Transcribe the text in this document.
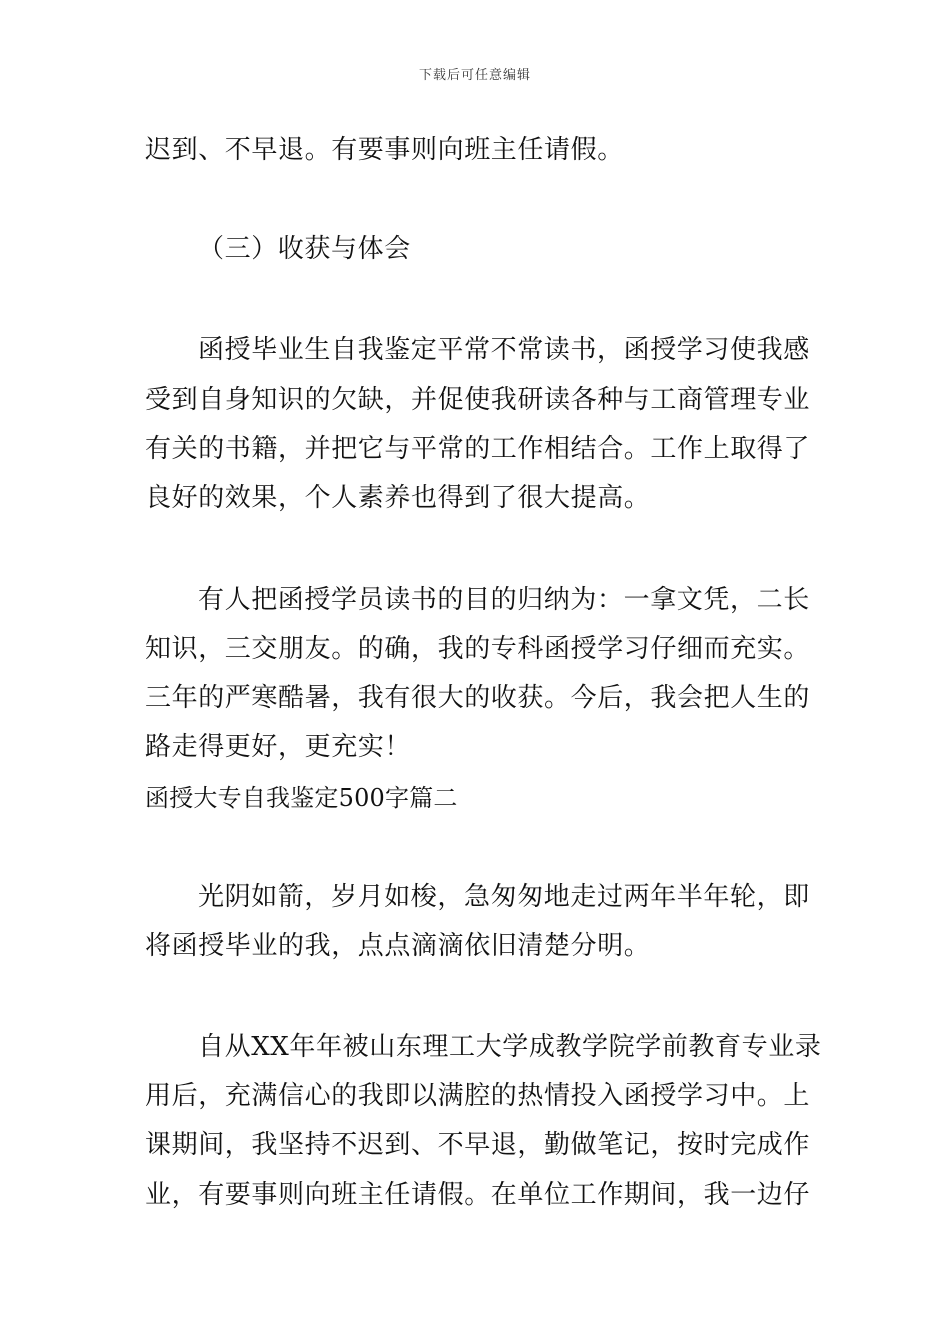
下载后可任意编辑
迟到、不早退。有要事则向班主任请假。
（三）收获与体会
函授毕业生自我鉴定平常不常读书，函授学习使我感
受到自身知识的欠缺，并促使我研读各种与工商管理专业
有关的书籍，并把它与平常的工作相结合。工作上取得了
良好的效果，个人素养也得到了很大提高。
有人把函授学员读书的目的归纳为：一拿文凭，二长
知识，三交朋友。的确，我的专科函授学习仔细而充实。
三年的严寒酷暑，我有很大的收获。今后，我会把人生的
路走得更好，更充实！
函授大专自我鉴定500字篇二
光阴如箭，岁月如梭，急匆匆地走过两年半年轮，即
将函授毕业的我，点点滴滴依旧清楚分明。
自从XX年年被山东理工大学成教学院学前教育专业录
用后，充满信心的我即以满腔的热情投入函授学习中。上
课期间，我坚持不迟到、不早退，勤做笔记，按时完成作
业，有要事则向班主任请假。在单位工作期间，我一边仔
